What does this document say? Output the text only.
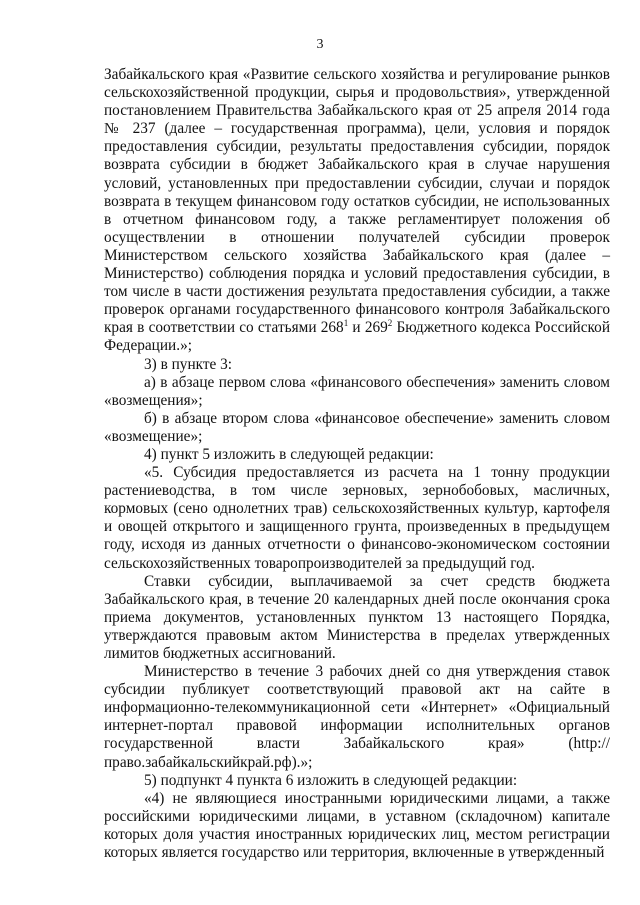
3

Забайкальского края «Развитие сельского хозяйства и регулирование рынков сельскохозяйственной продукции, сырья и продовольствия», утвержденной постановлением Правительства Забайкальского края от 25 апреля 2014 года № 237 (далее – государственная программа), цели, условия и порядок предоставления субсидии, результаты предоставления субсидии, порядок возврата субсидии в бюджет Забайкальского края в случае нарушения условий, установленных при предоставлении субсидии, случаи и порядок возврата в текущем финансовом году остатков субсидии, не использованных в отчетном финансовом году, а также регламентирует положения об осуществлении в отношении получателей субсидии проверок Министерством сельского хозяйства Забайкальского края (далее – Министерство) соблюдения порядка и условий предоставления субсидии, в том числе в части достижения результата предоставления субсидии, а также проверок органами государственного финансового контроля Забайкальского края в соответствии со статьями $268^1$ и $269^2$ Бюджетного кодекса Российской Федерации.»;

3) в пункте 3:

а) в абзаце первом слова «финансового обеспечения» заменить словом «возмещения»;

б) в абзаце втором слова «финансовое обеспечение» заменить словом «возмещение»;

4) пункт 5 изложить в следующей редакции:

«5. Субсидия предоставляется из расчета на 1 тонну продукции растениеводства, в том числе зерновых, зернобобовых, масличных, кормовых (сено однолетних трав) сельскохозяйственных культур, картофеля и овощей открытого и защищенного грунта, произведенных в предыдущем году, исходя из данных отчетности о финансово-экономическом состоянии сельскохозяйственных товаропроизводителей за предыдущий год.

Ставки субсидии, выплачиваемой за счет средств бюджета Забайкальского края, в течение 20 календарных дней после окончания срока приема документов, установленных пунктом 13 настоящего Порядка, утверждаются правовым актом Министерства в пределах утвержденных лимитов бюджетных ассигнований.

Министерство в течение 3 рабочих дней со дня утверждения ставок субсидии публикует соответствующий правовой акт на сайте в информационно-телекоммуникационной сети «Интернет» «Официальный интернет-портал правовой информации исполнительных органов государственной власти Забайкальского края» (http://право.забайкальскийкрай.рф).»;

5) подпункт 4 пункта 6 изложить в следующей редакции:

«4) не являющиеся иностранными юридическими лицами, а также российскими юридическими лицами, в уставном (складочном) капитале которых доля участия иностранных юридических лиц, местом регистрации которых является государство или территория, включенные в утвержденный
